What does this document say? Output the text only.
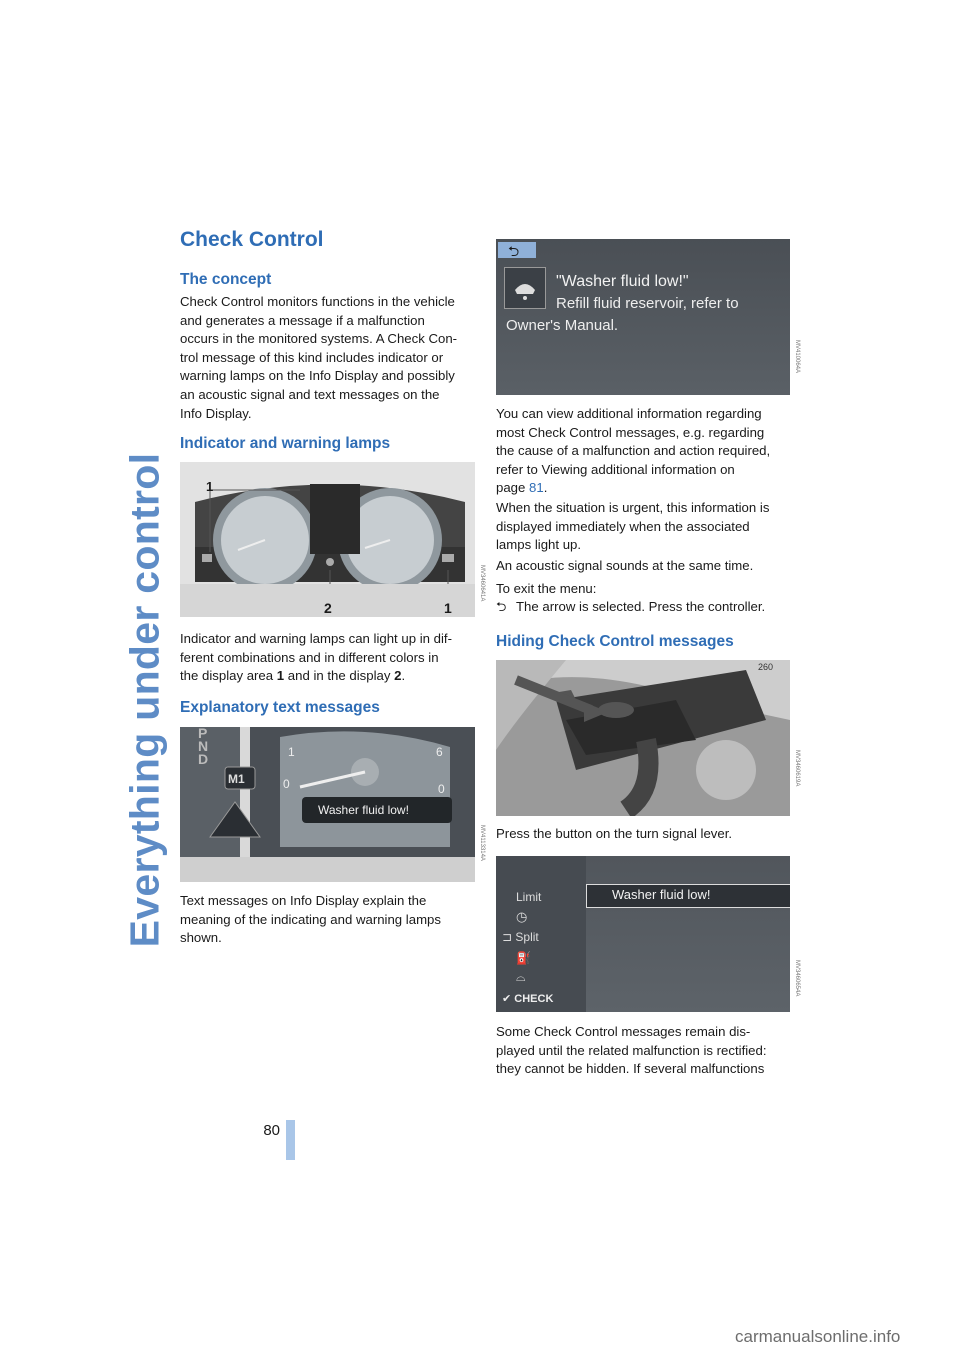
Everything under control
80
Check Control
The concept

Check Control monitors functions in the vehicle
and generates a message if a malfunction
occurs in the monitored systems. A Check Con-
trol message of this kind includes indicator or
warning lamps on the Info Display and possibly
an acoustic signal and text messages on the
Info Display.

Indicator and warning lamps
1
2	1
MV3460641A

Indicator and warning lamps can light up in dif-
ferent combinations and in different colors in
the display area 1 and in the display 2.

Explanatory text messages
P
N
D
M1	0
1	6
0
Washer fluid low!
MV4113314A

Text messages on Info Display explain the
meaning of the indicating and warning lamps
shown.

⮌
"Washer fluid low!"
Refill fluid reservoir, refer to
Owner's Manual.
MV410064A

You can view additional information regarding
most Check Control messages, e.g. regarding
the cause of a malfunction and action required,
refer to Viewing additional information on
page 81.

When the situation is urgent, this information is
displayed immediately when the associated
lamps light up.

An acoustic signal sounds at the same time.

To exit the menu:

⮌ The arrow is selected. Press the controller.

Hiding Check Control messages
260
MV3460619A

Press the button on the turn signal lever.

Washer fluid low!
Limit
◷
⊐ Split
⛽
⌓
✔ CHECK
MV3460654A

Some Check Control messages remain dis-
played until the related malfunction is rectified:
they cannot be hidden. If several malfunctions

carmanualsonline.info
